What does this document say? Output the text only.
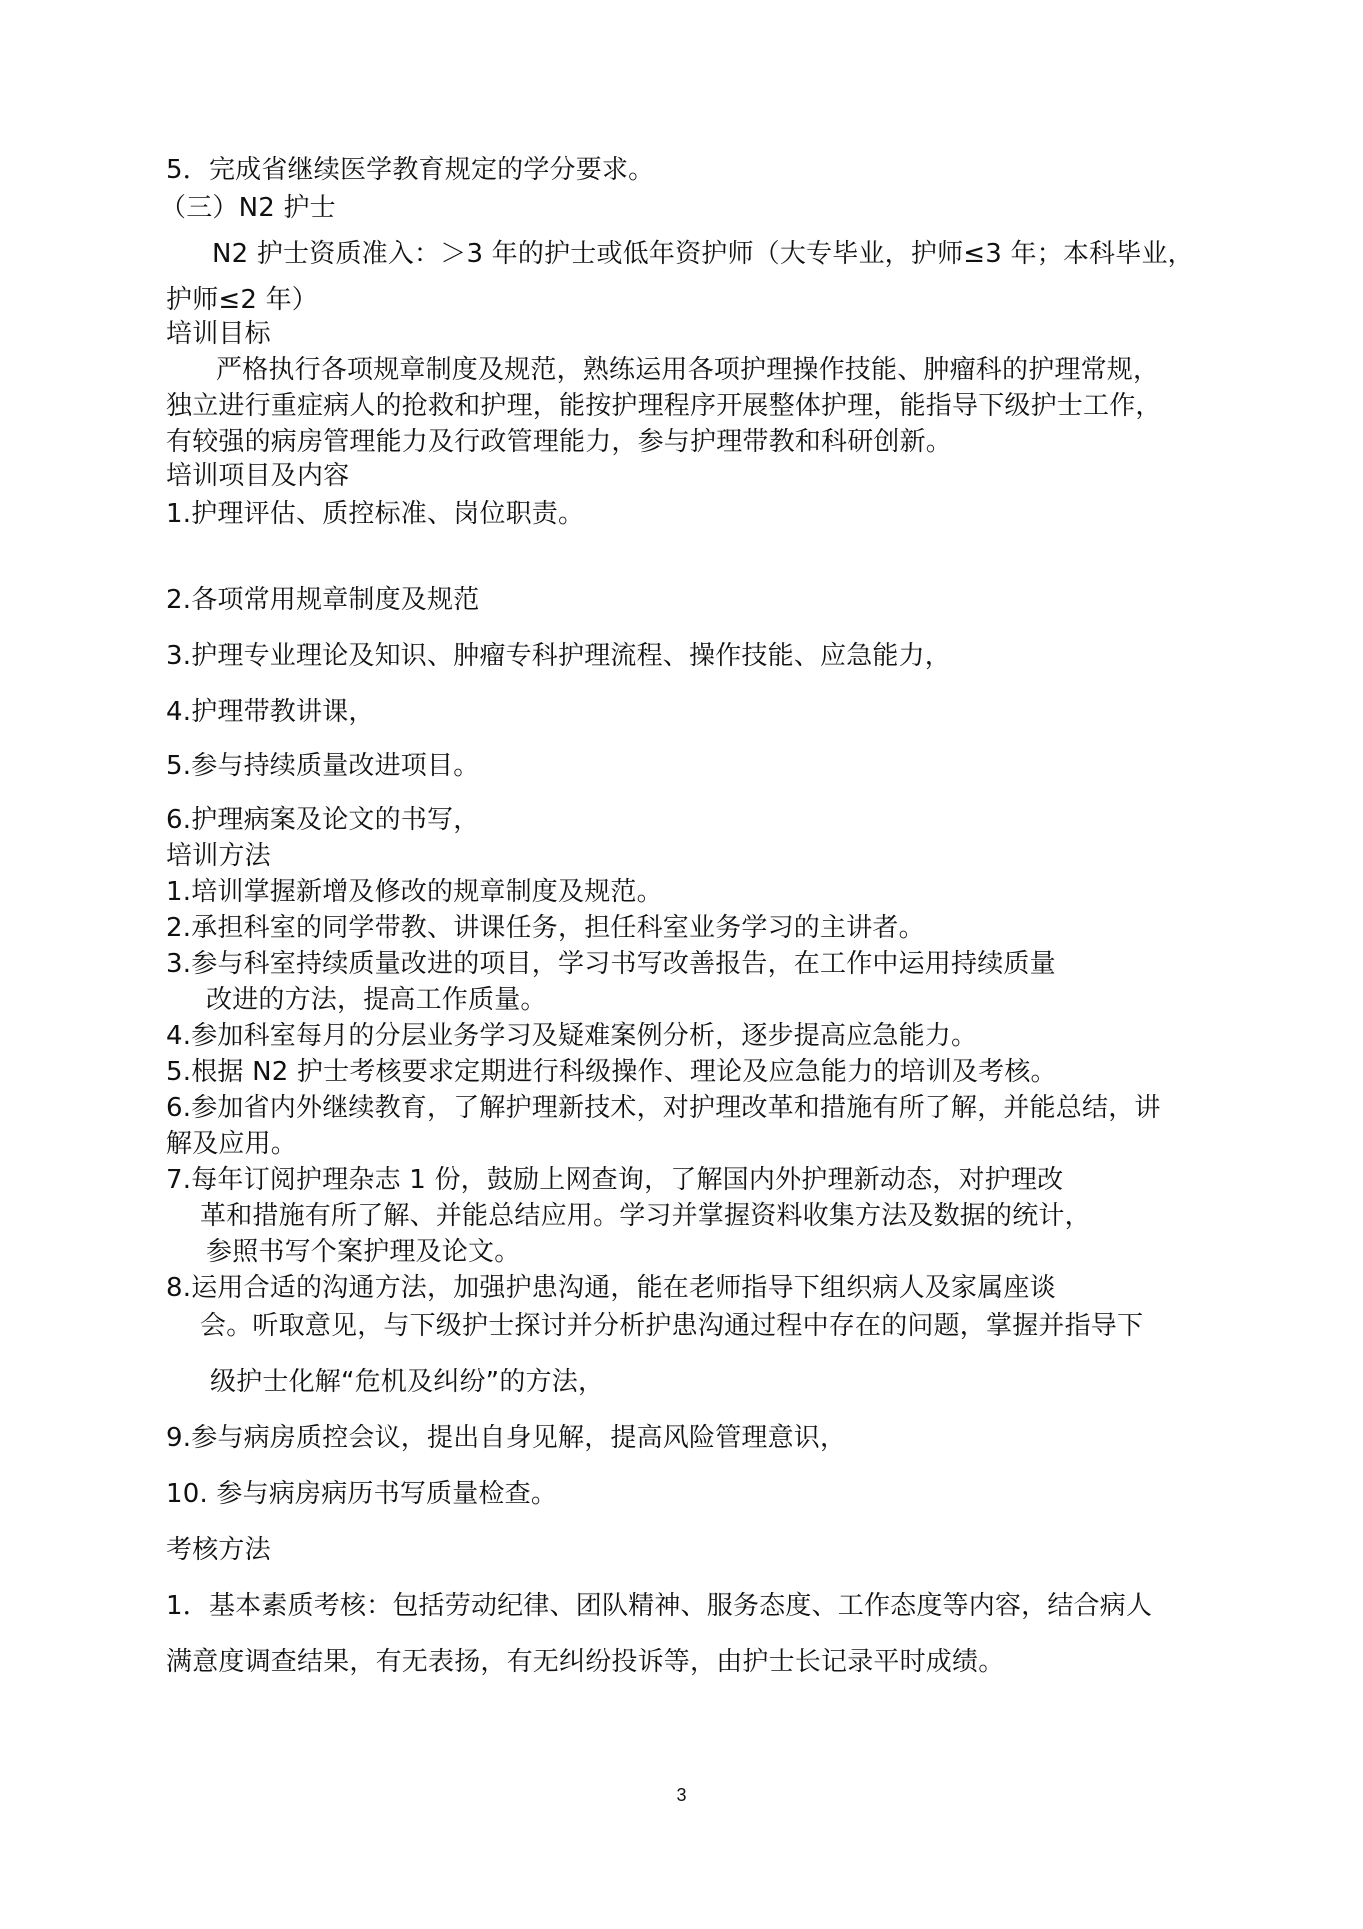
5．完成省继续医学教育规定的学分要求。
（三）N2 护士
N2 护士资质准入：＞3 年的护士或低年资护师（大专毕业，护师≤3 年；本科毕业，
护师≤2 年）
培训目标
严格执行各项规章制度及规范，熟练运用各项护理操作技能、肿瘤科的护理常规，
独立进行重症病人的抢救和护理，能按护理程序开展整体护理，能指导下级护士工作，
有较强的病房管理能力及行政管理能力，参与护理带教和科研创新。
培训项目及内容
1.护理评估、质控标准、岗位职责。
2.各项常用规章制度及规范
3.护理专业理论及知识、肿瘤专科护理流程、操作技能、应急能力，
4.护理带教讲课，
5.参与持续质量改进项目。
6.护理病案及论文的书写，
培训方法
1.培训掌握新增及修改的规章制度及规范。
2.承担科室的同学带教、讲课任务，担任科室业务学习的主讲者。
3.参与科室持续质量改进的项目，学习书写改善报告，在工作中运用持续质量
改进的方法，提高工作质量。
4.参加科室每月的分层业务学习及疑难案例分析，逐步提高应急能力。
5.根据 N2 护士考核要求定期进行科级操作、理论及应急能力的培训及考核。
6.参加省内外继续教育，了解护理新技术，对护理改革和措施有所了解，并能总结，讲
解及应用。
7.每年订阅护理杂志 1 份，鼓励上网查询，了解国内外护理新动态，对护理改
革和措施有所了解、并能总结应用。学习并掌握资料收集方法及数据的统计，
参照书写个案护理及论文。
8.运用合适的沟通方法，加强护患沟通，能在老师指导下组织病人及家属座谈
会。听取意见，与下级护士探讨并分析护患沟通过程中存在的问题，掌握并指导下
级护士化解“危机及纠纷”的方法，
9.参与病房质控会议，提出自身见解，提高风险管理意识，
10. 参与病房病历书写质量检查。
考核方法
1．基本素质考核：包括劳动纪律、团队精神、服务态度、工作态度等内容，结合病人
满意度调查结果，有无表扬，有无纠纷投诉等，由护士长记录平时成绩。
3
